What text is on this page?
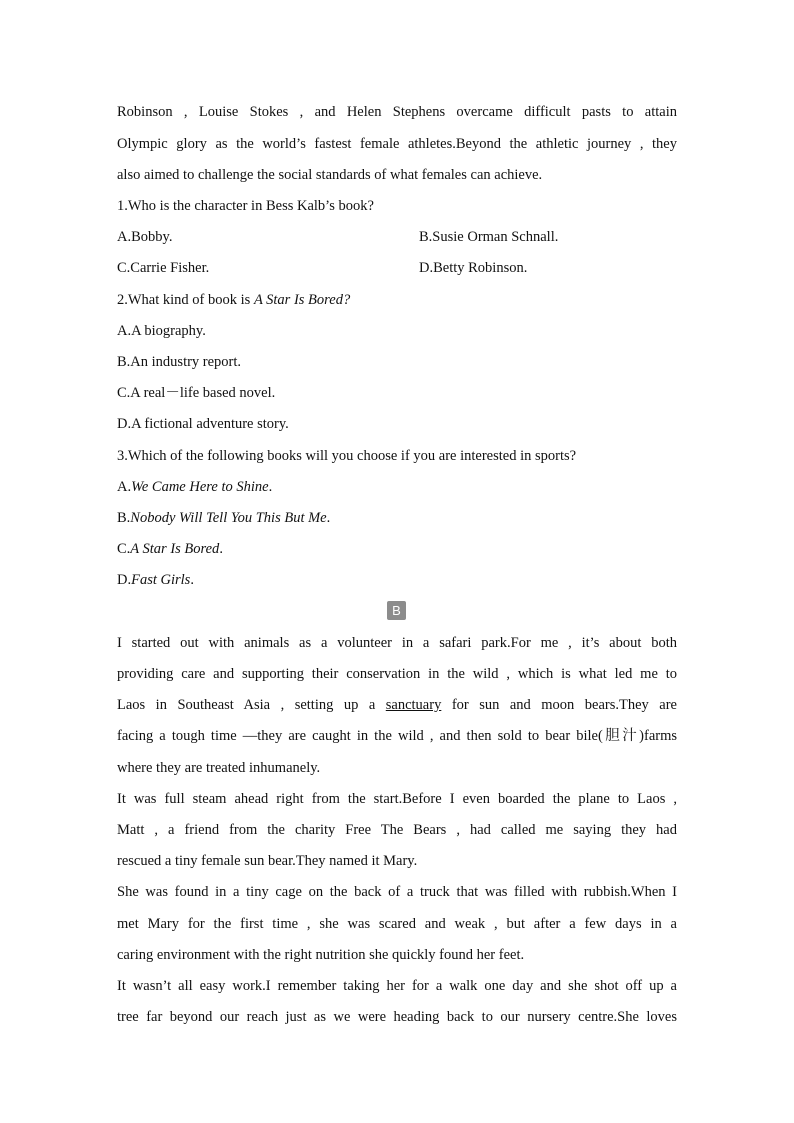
Robinson , Louise Stokes , and Helen Stephens overcame difficult pasts to attain
Olympic glory as the world’s fastest female athletes.Beyond the athletic journey , they
also aimed to challenge the social standards of what females can achieve.
1.Who is the character in Bess Kalb’s book?
A.Bobby.	B.Susie Orman Schnall.
C.Carrie Fisher.	D.Betty Robinson.
2.What kind of book is A Star Is Bored?
A.A biography.
B.An industry report.
C.A real－life based novel.
D.A fictional adventure story.
3.Which of the following books will you choose if you are interested in sports?
A.We Came Here to Shine.
B.Nobody Will Tell You This But Me.
C.A Star Is Bored.
D.Fast Girls.
B
I started out with animals as a volunteer in a safari park.For me , it’s about both
providing care and supporting their conservation in the wild , which is what led me to
Laos in Southeast Asia , setting up a sanctuary for sun and moon bears.They are
facing a tough time —they are caught in the wild , and then sold to bear bile(胆汁)farms
where they are treated inhumanely.
It was full steam ahead right from the start.Before I even boarded the plane to Laos ,
Matt , a friend from the charity Free The Bears , had called me saying they had
rescued a tiny female sun bear.They named it Mary.
She was found in a tiny cage on the back of a truck that was filled with rubbish.When I
met Mary for the first time , she was scared and weak , but after a few days in a
caring environment with the right nutrition she quickly found her feet.
It wasn’t all easy work.I remember taking her for a walk one day and she shot off up a
tree far beyond our reach just as we were heading back to our nursery centre.She loves
